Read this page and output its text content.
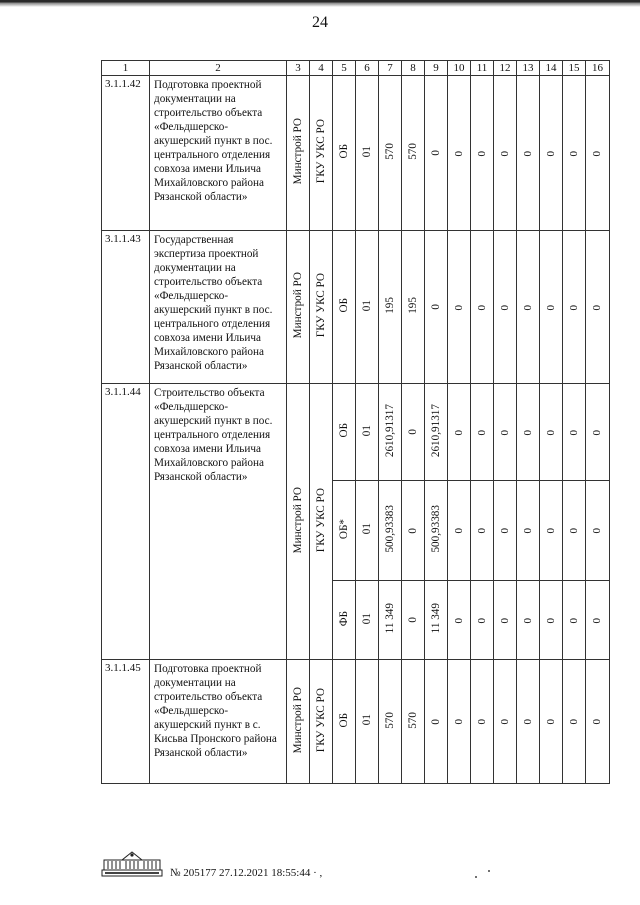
24
1	2	3	4	5	6	7	8	9	10	11	12	13	14	15	16
3.1.1.42	Подготовка проектной документации на строительство объекта «Фельдшерско-акушерский пункт в пос. центрального отделения совхоза имени Ильича Михайловского района Рязанской области»	Минстрой РО	ГКУ УКС РО	ОБ	01	570	570	0	0	0	0	0	0	0	0
3.1.1.43	Государственная экспертиза проектной документации на строительство объекта «Фельдшерско-акушерский пункт в пос. центрального отделения совхоза имени Ильича Михайловского района Рязанской области»	Минстрой РО	ГКУ УКС РО	ОБ	01	195	195	0	0	0	0	0	0	0	0
3.1.1.44	Строительство объекта «Фельдшерско-акушерский пункт в пос. центрального отделения совхоза имени Ильича Михайловского района Рязанской области»	Минстрой РО	ГКУ УКС РО	ОБ	01	2610,91317	0	2610,91317	0	0	0	0	0	0	0
				ОБ*	01	500,93383	0	500,93383	0	0	0	0	0	0	0
				ФБ	01	11 349	0	11 349	0	0	0	0	0	0	0
3.1.1.45	Подготовка проектной документации на строительство объекта «Фельдшерско-акушерский пункт в с. Кисьва Пронского района Рязанской области»	Минстрой РО	ГКУ УКС РО	ОБ	01	570	570	0	0	0	0	0	0	0	0
№ 205177 27.12.2021 18:55:44 · ,
